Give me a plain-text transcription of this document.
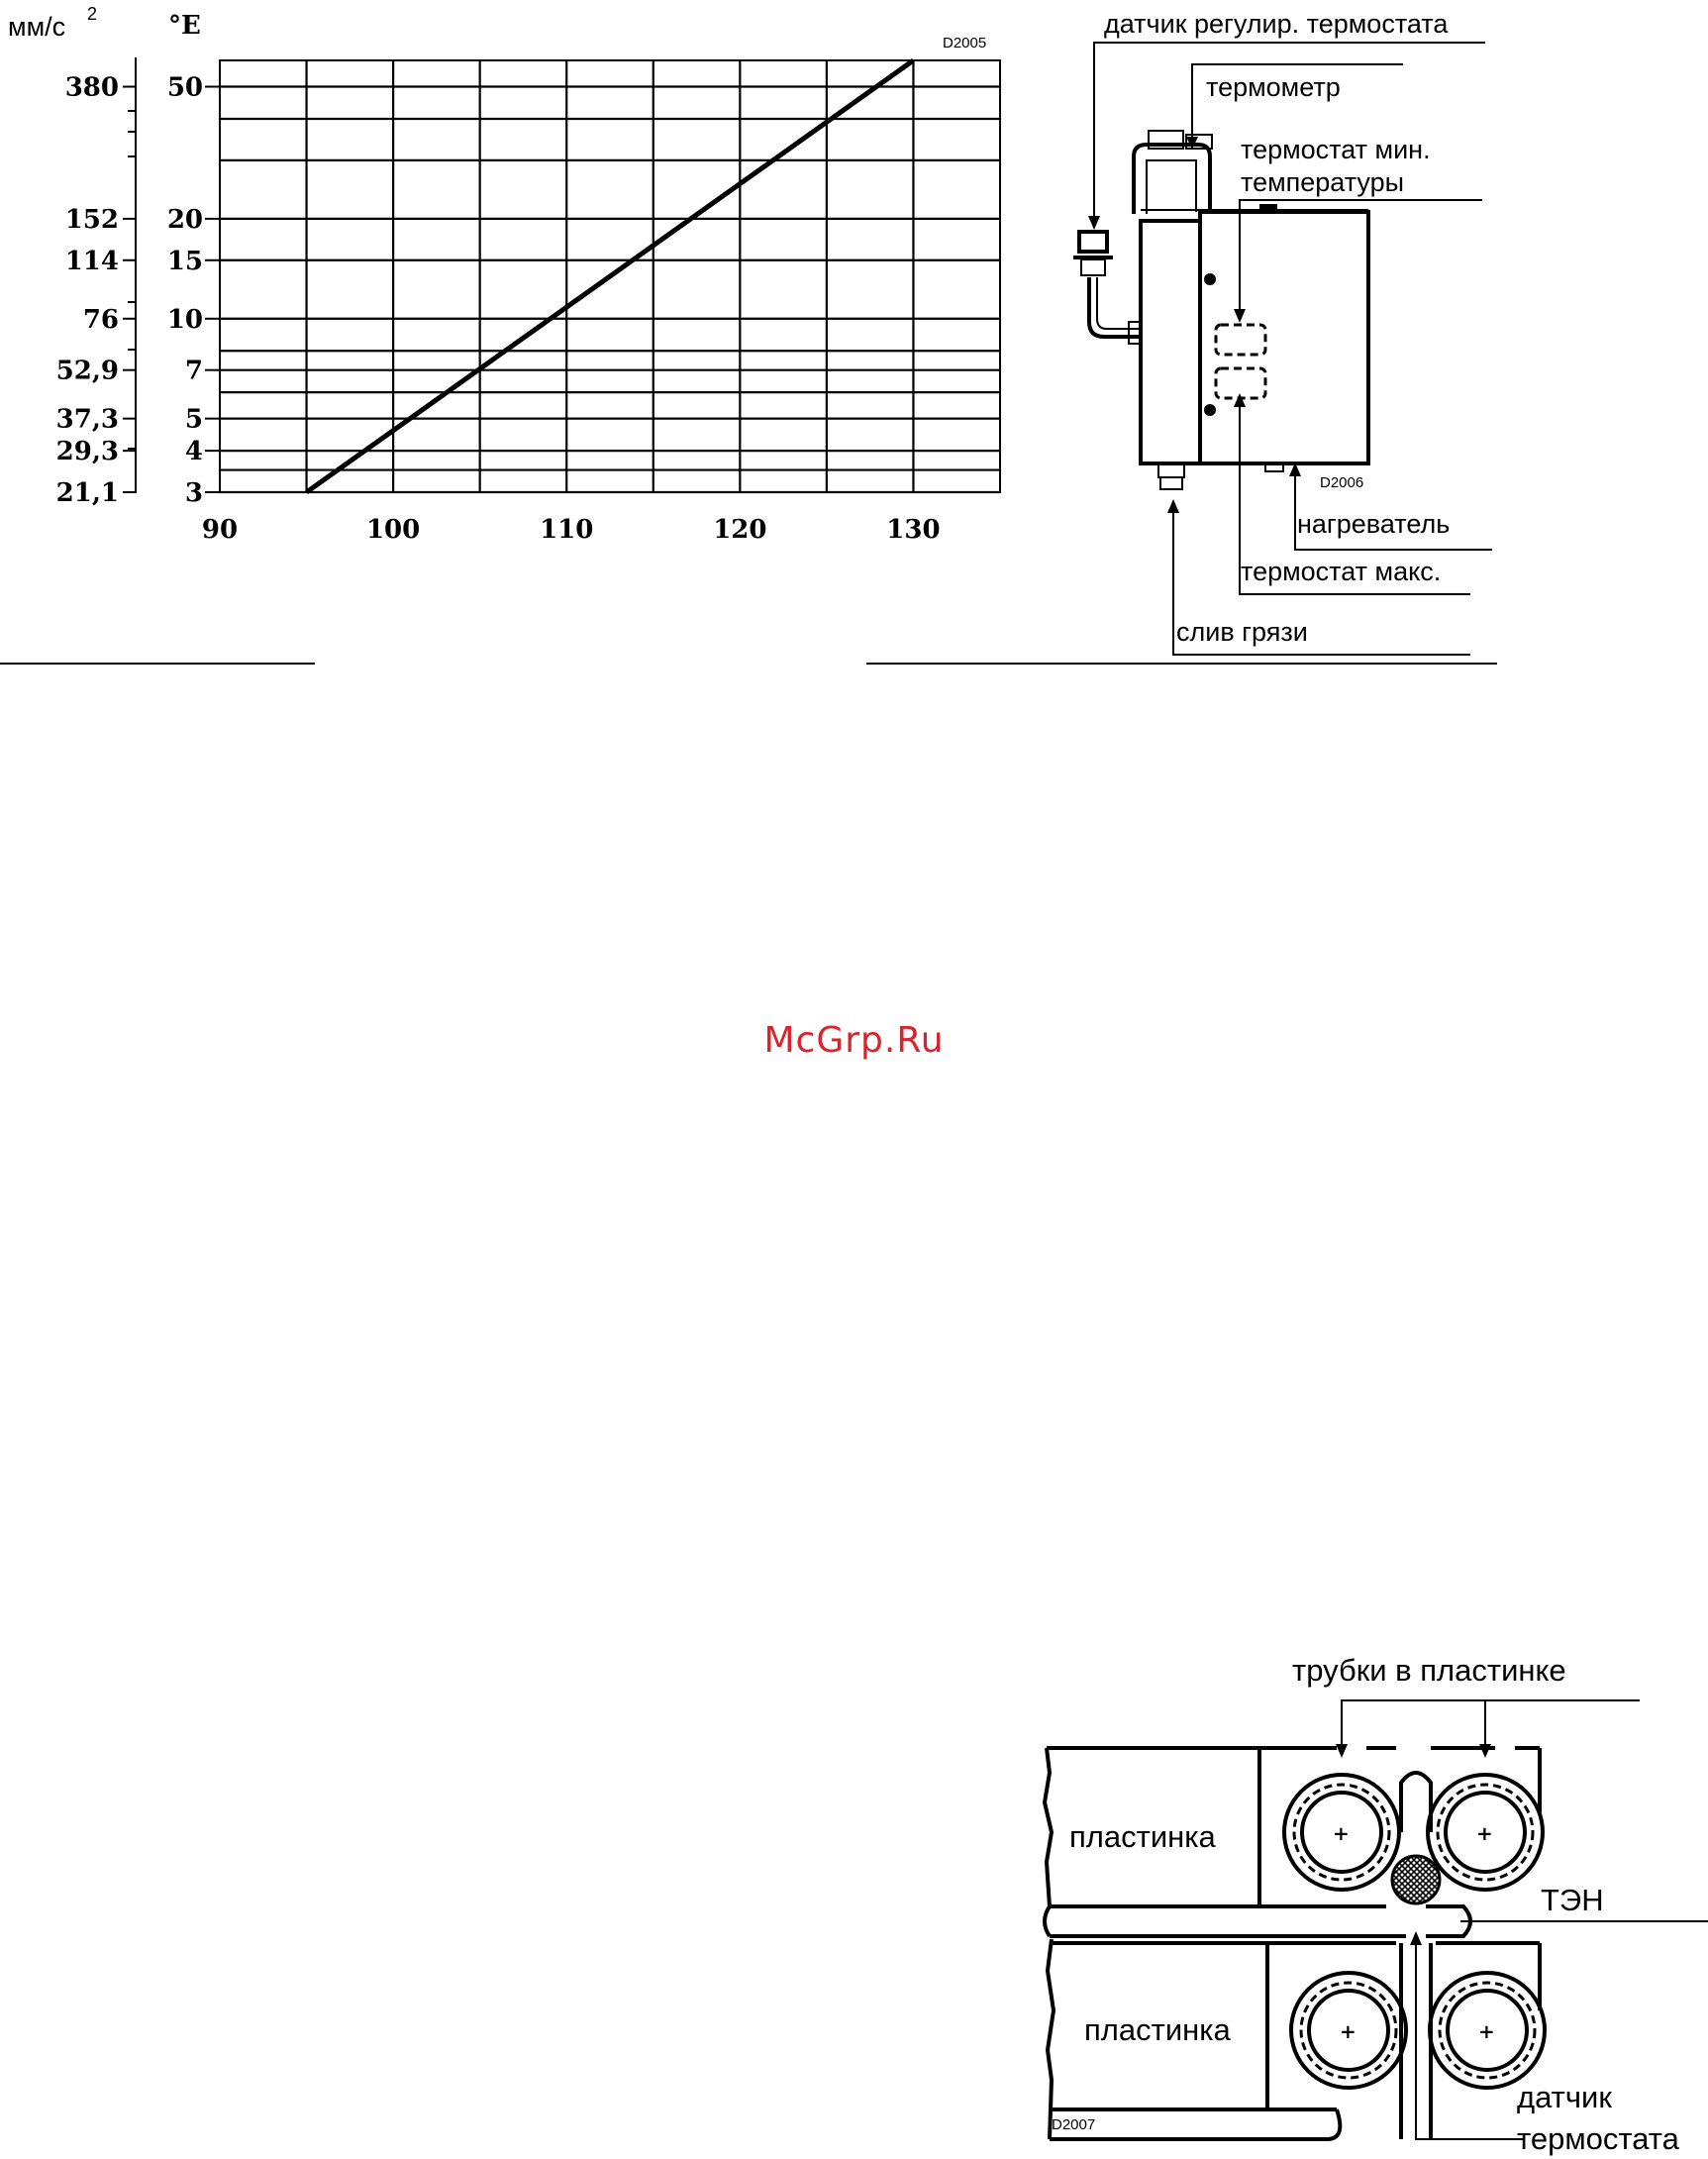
D2005
мм/с 2	°E
21,1
29,3
37,3
52,9
76
114
152
380
3
4
5
7
10
15
20
50
90	100	110	120	130
датчик регулир. термостата
термометр
термостат мин.
температуры
нагреватель
термостат макс.
слив грязи
D2006
трубки в пластинке
пластинка
пластинка
ТЭН
датчик
термостата
D2007
+	+
+	+
McGrp.Ru
